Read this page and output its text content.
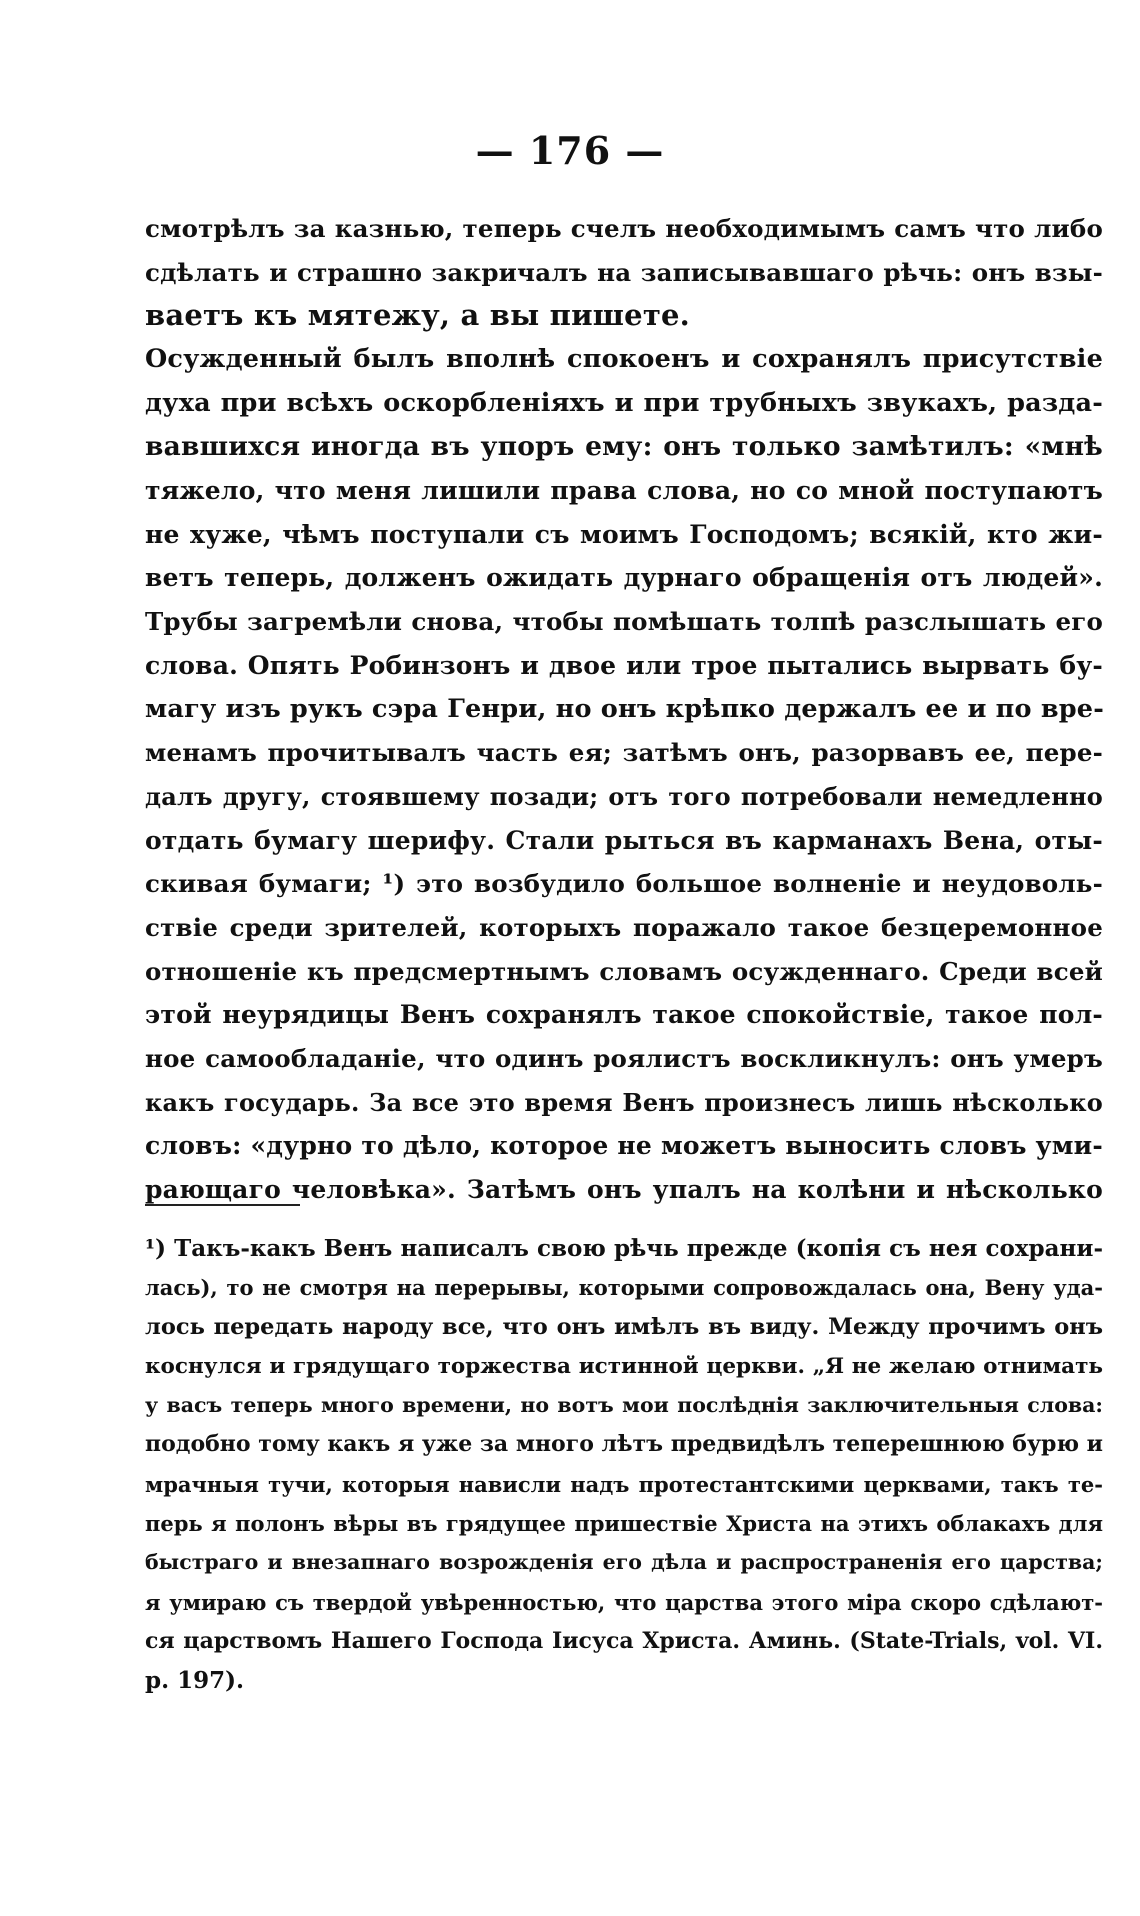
— 176 —
смотрѣлъ за казнью, теперь счелъ необходимымъ самъ что либо
сдѣлать и страшно закричалъ на записывавшаго рѣчь: онъ взы-
ваетъ къ мятежу, а вы пишете.
Осужденный былъ вполнѣ спокоенъ и сохранялъ присутствіе
духа при всѣхъ оскорбленіяхъ и при трубныхъ звукахъ, разда-
вавшихся иногда въ упоръ ему: онъ только замѣтилъ: «мнѣ
тяжело, что меня лишили права слова, но со мной поступаютъ
не хуже, чѣмъ поступали съ моимъ Господомъ; всякій, кто жи-
ветъ теперь, долженъ ожидать дурнаго обращенія отъ людей».
Трубы загремѣли снова, чтобы помѣшать толпѣ разслышать его
слова. Опять Робинзонъ и двое или трое пытались вырвать бу-
магу изъ рукъ сэра Генри, но онъ крѣпко держалъ ее и по вре-
менамъ прочитывалъ часть ея; затѣмъ онъ, разорвавъ ее, пере-
далъ другу, стоявшему позади; отъ того потребовали немедленно
отдать бумагу шерифу. Стали рыться въ карманахъ Вена, оты-
скивая бумаги; ¹) это возбудило большое волненіе и неудоволь-
ствіе среди зрителей, которыхъ поражало такое безцеремонное
отношеніе къ предсмертнымъ словамъ осужденнаго. Среди всей
этой неурядицы Венъ сохранялъ такое спокойствіе, такое пол-
ное самообладаніе, что одинъ роялистъ воскликнулъ: онъ умеръ
какъ государь. За все это время Венъ произнесъ лишь нѣсколько
словъ: «дурно то дѣло, которое не можетъ выносить словъ уми-
рающаго человѣка». Затѣмъ онъ упалъ на колѣни и нѣсколько
¹) Такъ-какъ Венъ написалъ свою рѣчь прежде (копія съ нея сохрани-
лась), то не смотря на перерывы, которыми сопровождалась она, Вену уда-
лось передать народу все, что онъ имѣлъ въ виду. Между прочимъ онъ
коснулся и грядущаго торжества истинной церкви. „Я не желаю отнимать
у васъ теперь много времени, но вотъ мои послѣднія заключительныя слова:
подобно тому какъ я уже за много лѣтъ предвидѣлъ теперешнюю бурю и
мрачныя тучи, которыя нависли надъ протестантскими церквами, такъ те-
перь я полонъ вѣры въ грядущее пришествіе Христа на этихъ облакахъ для
быстраго и внезапнаго возрожденія его дѣла и распространенія его царства;
я умираю съ твердой увѣренностью, что царства этого міра скоро сдѣлают-
ся царствомъ Нашего Господа Іисуса Христа. Аминь. (State-Trials, vol. VI.
p. 197).
